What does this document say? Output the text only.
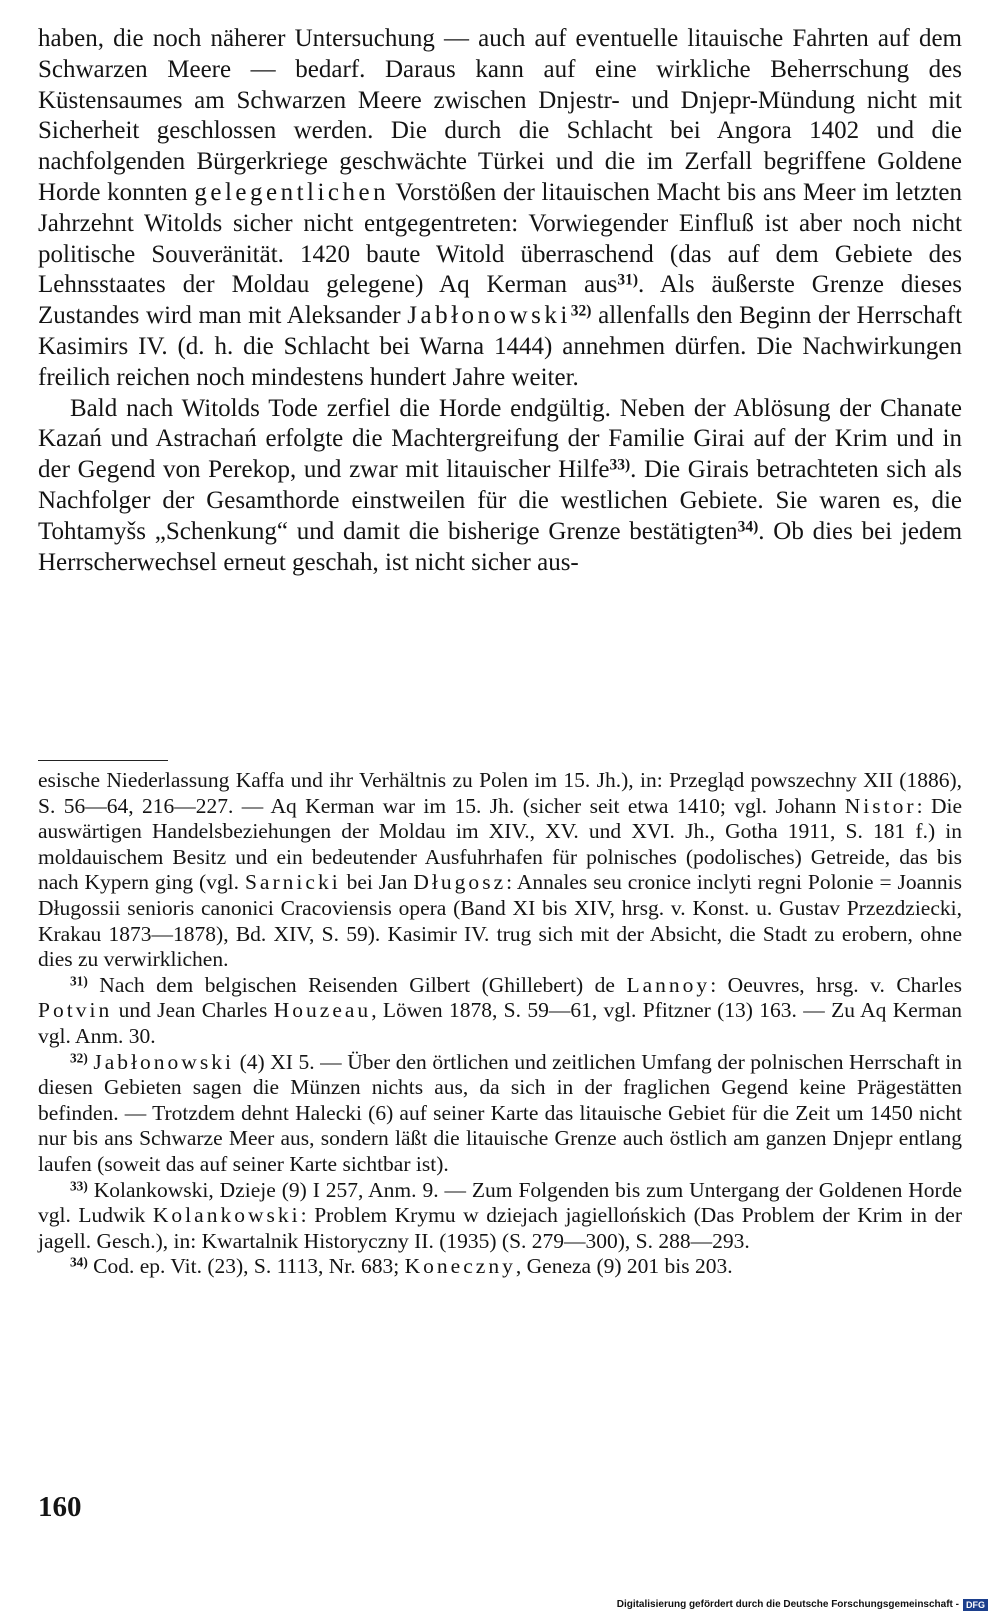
haben, die noch näherer Untersuchung — auch auf eventuelle litauische Fahrten auf dem Schwarzen Meere — bedarf. Daraus kann auf eine wirkliche Beherrschung des Küstensaumes am Schwarzen Meere zwischen Dnjestr- und Dnjepr-Mündung nicht mit Sicherheit geschlossen werden. Die durch die Schlacht bei Angora 1402 und die nachfolgenden Bürgerkriege geschwächte Türkei und die im Zerfall begriffene Goldene Horde konnten gelegentlichen Vorstößen der litauischen Macht bis ans Meer im letzten Jahrzehnt Witolds sicher nicht entgegentreten: Vorwiegender Einfluß ist aber noch nicht politische Souveränität. 1420 baute Witold überraschend (das auf dem Gebiete des Lehnsstaates der Moldau gelegene) Aq Kerman aus$^{31)}$. Als äußerste Grenze dieses Zustandes wird man mit Aleksander Jabłonowski$^{32)}$ allenfalls den Beginn der Herrschaft Kasimirs IV. (d. h. die Schlacht bei Warna 1444) annehmen dürfen. Die Nachwirkungen freilich reichen noch mindestens hundert Jahre weiter.

Bald nach Witolds Tode zerfiel die Horde endgültig. Neben der Ablösung der Chanate Kazań und Astrachań erfolgte die Machtergreifung der Familie Girai auf der Krim und in der Gegend von Perekop, und zwar mit litauischer Hilfe$^{33)}$. Die Girais betrachteten sich als Nachfolger der Gesamthorde einstweilen für die westlichen Gebiete. Sie waren es, die Tohtamyšs „Schenkung“ und damit die bisherige Grenze bestätigten$^{34)}$. Ob dies bei jedem Herrscherwechsel erneut geschah, ist nicht sicher aus-

esische Niederlassung Kaffa und ihr Verhältnis zu Polen im 15. Jh.), in: Przegląd powszechny XII (1886), S. 56—64, 216—227. — Aq Kerman war im 15. Jh. (sicher seit etwa 1410; vgl. Johann Nistor: Die auswärtigen Handelsbeziehungen der Moldau im XIV., XV. und XVI. Jh., Gotha 1911, S. 181 f.) in moldauischem Besitz und ein bedeutender Ausfuhrhafen für polnisches (podolisches) Getreide, das bis nach Kypern ging (vgl. Sarnicki bei Jan Długosz: Annales seu cronice inclyti regni Polonie = Joannis Długossii senioris canonici Cracoviensis opera (Band XI bis XIV, hrsg. v. Konst. u. Gustav Przezdziecki, Krakau 1873—1878), Bd. XIV, S. 59). Kasimir IV. trug sich mit der Absicht, die Stadt zu erobern, ohne dies zu verwirklichen.

$^{31)}$ Nach dem belgischen Reisenden Gilbert (Ghillebert) de Lannoy: Oeuvres, hrsg. v. Charles Potvin und Jean Charles Houzeau, Löwen 1878, S. 59—61, vgl. Pfitzner (13) 163. — Zu Aq Kerman vgl. Anm. 30.

$^{32)}$ Jabłonowski (4) XI 5. — Über den örtlichen und zeitlichen Umfang der polnischen Herrschaft in diesen Gebieten sagen die Münzen nichts aus, da sich in der fraglichen Gegend keine Prägestätten befinden. — Trotzdem dehnt Halecki (6) auf seiner Karte das litauische Gebiet für die Zeit um 1450 nicht nur bis ans Schwarze Meer aus, sondern läßt die litauische Grenze auch östlich am ganzen Dnjepr entlang laufen (soweit das auf seiner Karte sichtbar ist).

$^{33)}$ Kolankowski, Dzieje (9) I 257, Anm. 9. — Zum Folgenden bis zum Untergang der Goldenen Horde vgl. Ludwik Kolankowski: Problem Krymu w dziejach jagiellońskich (Das Problem der Krim in der jagell. Gesch.), in: Kwartalnik Historyczny II. (1935) (S. 279—300), S. 288—293.

$^{34)}$ Cod. ep. Vit. (23), S. 1113, Nr. 683; Koneczny, Geneza (9) 201 bis 203.

160

Digitalisierung gefördert durch die Deutsche Forschungsgemeinschaft - DFG
